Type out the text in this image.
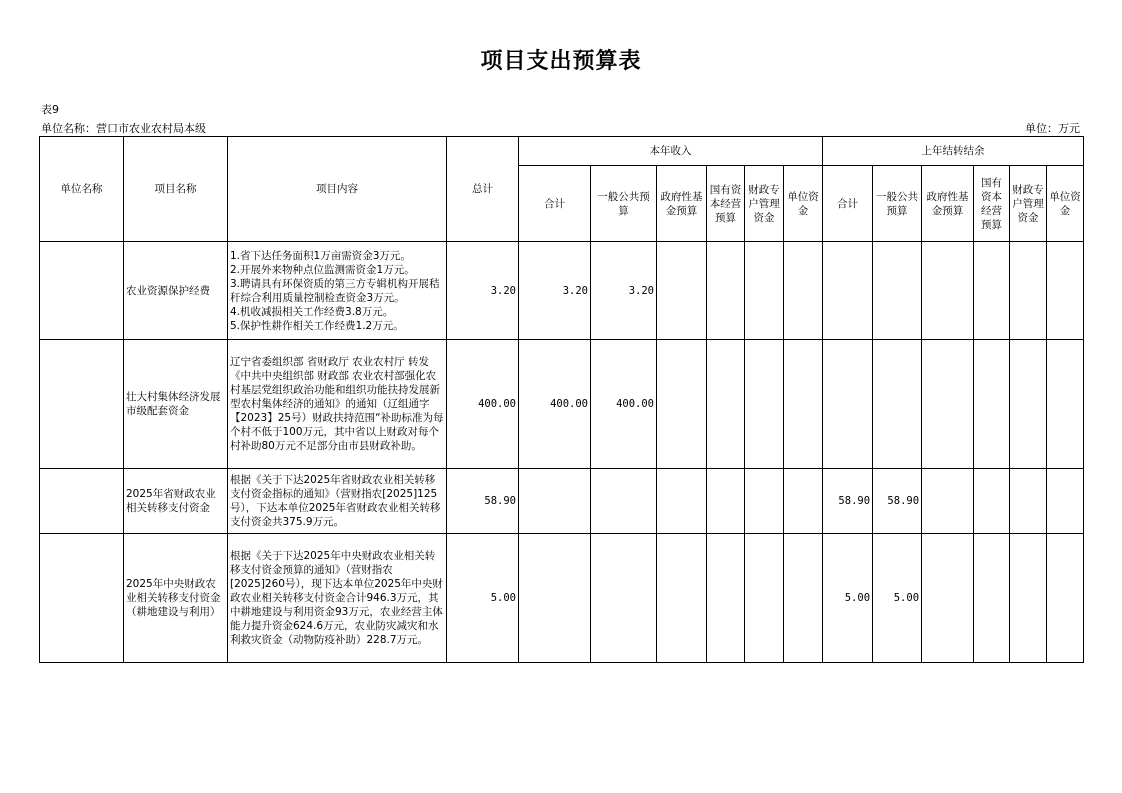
项目支出预算表
表9
单位名称：营口市农业农村局本级	单位：万元
单位名称	项目名称	项目内容	总计	本年收入						上年结转结余					
				合计	一般公共预算	政府性基金预算	国有资本经营预算	财政专户管理资金	单位资金	合计	一般公共预算	政府性基金预算	国有资本经营预算	财政专户管理资金	单位资金
	农业资源保护经费	1.省下达任务面积1万亩需资金3万元。
2.开展外来物种点位监测需资金1万元。
3.聘请具有环保资质的第三方专辑机构开展秸秆综合利用质量控制检查资金3万元。
4.机收减损相关工作经费3.8万元。
5.保护性耕作相关工作经费1.2万元。	3.20	3.20	3.20										
	壮大村集体经济发展市级配套资金	辽宁省委组织部 省财政厅 农业农村厅 转发《中共中央组织部 财政部 农业农村部强化农村基层党组织政治功能和组织功能扶持发展新型农村集体经济的通知》的通知（辽组通字【2023】25号）财政扶持范围“补助标准为每个村不低于100万元，其中省以上财政对每个村补助80万元不足部分由市县财政补助。	400.00	400.00	400.00										
	2025年省财政农业相关转移支付资金	根据《关于下达2025年省财政农业相关转移支付资金指标的通知》（营财指农[2025]125号），下达本单位2025年省财政农业相关转移支付资金共375.9万元。	58.90							58.90	58.90				
	2025年中央财政农业相关转移支付资金（耕地建设与利用）	根据《关于下达2025年中央财政农业相关转移支付资金预算的通知》（营财指农[2025]260号），现下达本单位2025年中央财政农业相关转移支付资金合计946.3万元，其中耕地建设与利用资金93万元，农业经营主体能力提升资金624.6万元，农业防灾减灾和水利救灾资金（动物防疫补助）228.7万元。	5.00							5.00	5.00				
